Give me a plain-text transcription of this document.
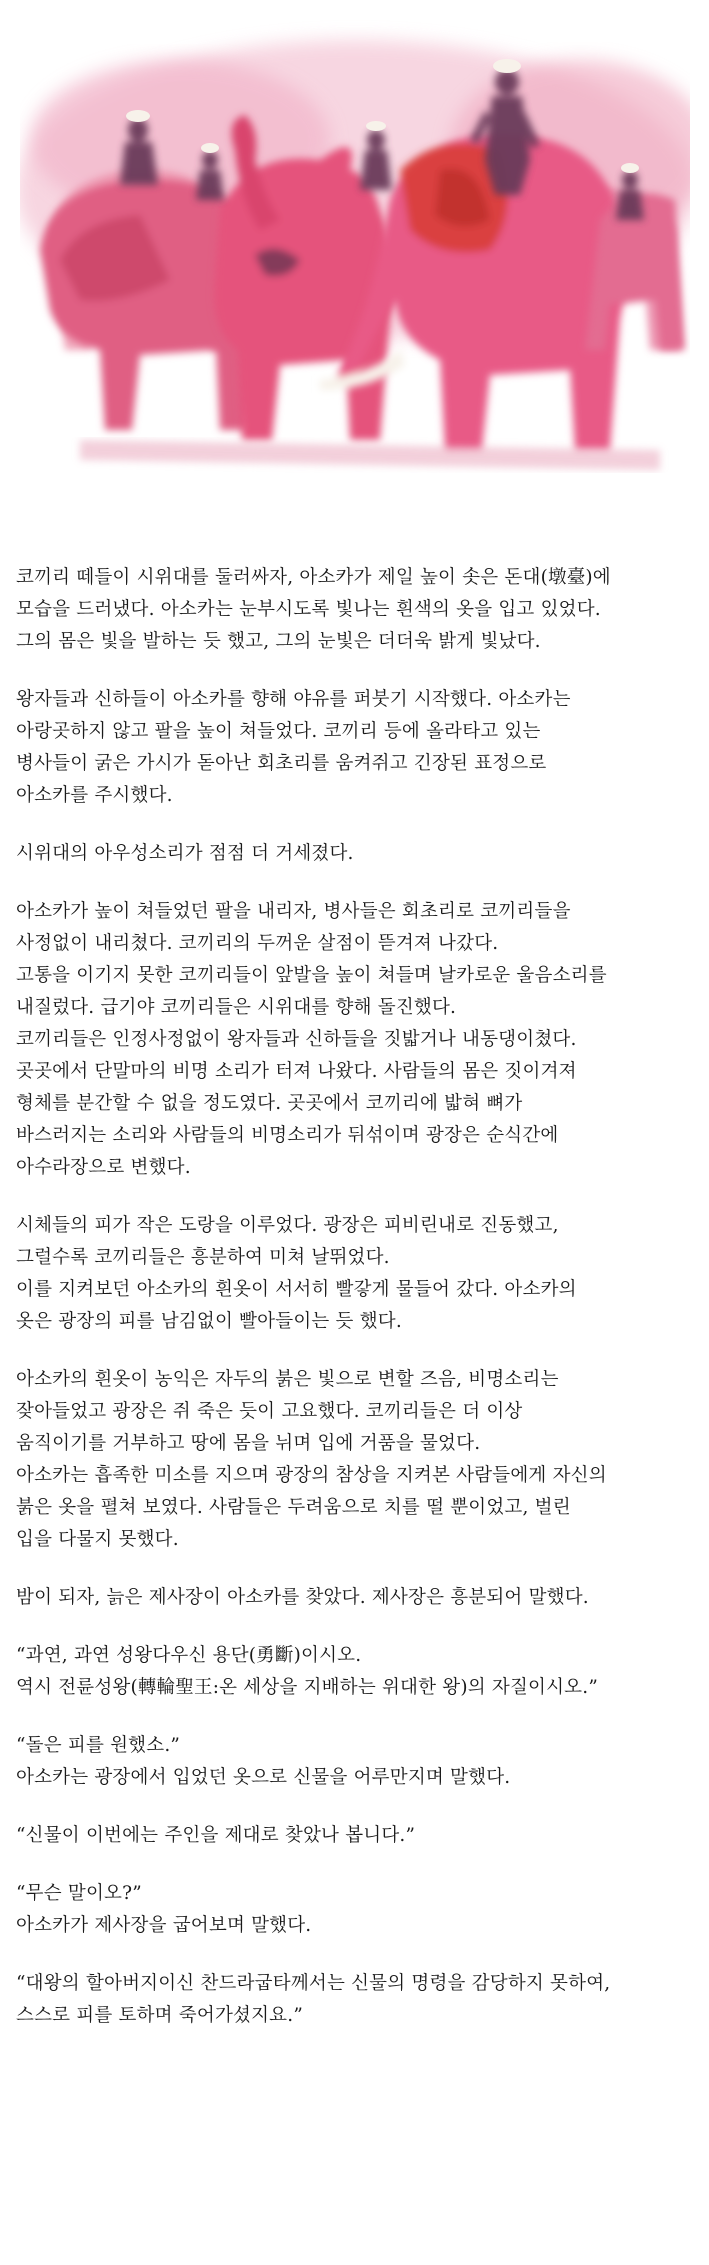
코끼리 떼들이 시위대를 둘러싸자, 아소카가 제일 높이 솟은 돈대(墩臺)에
모습을 드러냈다. 아소카는 눈부시도록 빛나는 흰색의 옷을 입고 있었다.
그의 몸은 빛을 발하는 듯 했고, 그의 눈빛은 더더욱 밝게 빛났다.

왕자들과 신하들이 아소카를 향해 야유를 퍼붓기 시작했다. 아소카는
아랑곳하지 않고 팔을 높이 쳐들었다. 코끼리 등에 올라타고 있는
병사들이 굵은 가시가 돋아난 회초리를 움켜쥐고 긴장된 표정으로
아소카를 주시했다.

시위대의 아우성소리가 점점 더 거세졌다.

아소카가 높이 쳐들었던 팔을 내리자, 병사들은 회초리로 코끼리들을
사정없이 내리쳤다. 코끼리의 두꺼운 살점이 뜯겨져 나갔다.
고통을 이기지 못한 코끼리들이 앞발을 높이 쳐들며 날카로운 울음소리를
내질렀다. 급기야 코끼리들은 시위대를 향해 돌진했다.
코끼리들은 인정사정없이 왕자들과 신하들을 짓밟거나 내동댕이쳤다.
곳곳에서 단말마의 비명 소리가 터져 나왔다. 사람들의 몸은 짓이겨져
형체를 분간할 수 없을 정도였다. 곳곳에서 코끼리에 밟혀 뼈가
바스러지는 소리와 사람들의 비명소리가 뒤섞이며 광장은 순식간에
아수라장으로 변했다.

시체들의 피가 작은 도랑을 이루었다. 광장은 피비린내로 진동했고,
그럴수록 코끼리들은 흥분하여 미쳐 날뛰었다.
이를 지켜보던 아소카의 흰옷이 서서히 빨갛게 물들어 갔다. 아소카의
옷은 광장의 피를 남김없이 빨아들이는 듯 했다.

아소카의 흰옷이 농익은 자두의 붉은 빛으로 변할 즈음, 비명소리는
잦아들었고 광장은 쥐 죽은 듯이 고요했다. 코끼리들은 더 이상
움직이기를 거부하고 땅에 몸을 뉘며 입에 거품을 물었다.
아소카는 흡족한 미소를 지으며 광장의 참상을 지켜본 사람들에게 자신의
붉은 옷을 펼쳐 보였다. 사람들은 두려움으로 치를 떨 뿐이었고, 벌린
입을 다물지 못했다.

밤이 되자, 늙은 제사장이 아소카를 찾았다. 제사장은 흥분되어 말했다.

“과연, 과연 성왕다우신 용단(勇斷)이시오.
역시 전륜성왕(轉輪聖王:온 세상을 지배하는 위대한 왕)의 자질이시오.”

“돌은 피를 원했소.”
아소카는 광장에서 입었던 옷으로 신물을 어루만지며 말했다.

“신물이 이번에는 주인을 제대로 찾았나 봅니다.”

“무슨 말이오?”
아소카가 제사장을 굽어보며 말했다.

“대왕의 할아버지이신 찬드라굽타께서는 신물의 명령을 감당하지 못하여,
스스로 피를 토하며 죽어가셨지요.”
